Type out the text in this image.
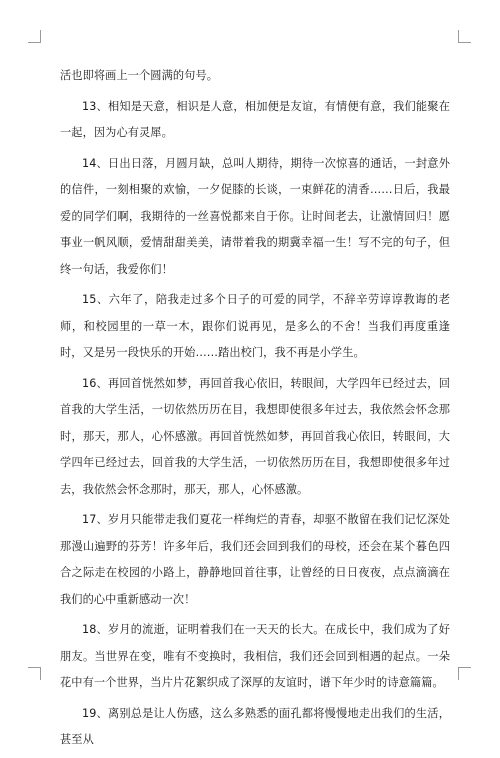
活也即将画上一个圆满的句号。

13、相知是天意，相识是人意，相加便是友谊，有情便有意，我们能聚在一起，因为心有灵犀。

14、日出日落，月圆月缺，总叫人期待，期待一次惊喜的通话，一封意外的信件，一刻相聚的欢愉，一夕促膝的长谈，一束鲜花的清香……日后，我最爱的同学们啊，我期待的一丝喜悦都来自于你。让时间老去，让激情回归！愿事业一帆风顺，爱情甜甜美美，请带着我的期冀幸福一生！写不完的句子，但终一句话，我爱你们！

15、六年了，陪我走过多个日子的可爱的同学，不辞辛劳谆谆教诲的老师，和校园里的一草一木，跟你们说再见，是多么的不舍！当我们再度重逢时，又是另一段快乐的开始……踏出校门，我不再是小学生。

16、再回首恍然如梦，再回首我心依旧，转眼间，大学四年已经过去，回首我的大学生活，一切依然历历在目，我想即使很多年过去，我依然会怀念那时，那天，那人，心怀感激。再回首恍然如梦，再回首我心依旧，转眼间，大学四年已经过去，回首我的大学生活，一切依然历历在目，我想即使很多年过去，我依然会怀念那时，那天，那人，心怀感激。

17、岁月只能带走我们夏花一样绚烂的青春，却驱不散留在我们记忆深处那漫山遍野的芬芳！许多年后，我们还会回到我们的母校，还会在某个暮色四合之际走在校园的小路上，静静地回首往事，让曾经的日日夜夜，点点滴滴在我们的心中重新感动一次！

18、岁月的流逝，证明着我们在一天天的长大。在成长中，我们成为了好朋友。当世界在变，唯有不变换时，我相信，我们还会回到相遇的起点。一朵花中有一个世界，当片片花絮织成了深厚的友谊时，谱下年少时的诗意篇篇。

19、离别总是让人伤感，这么多熟悉的面孔都将慢慢地走出我们的生活，甚至从
